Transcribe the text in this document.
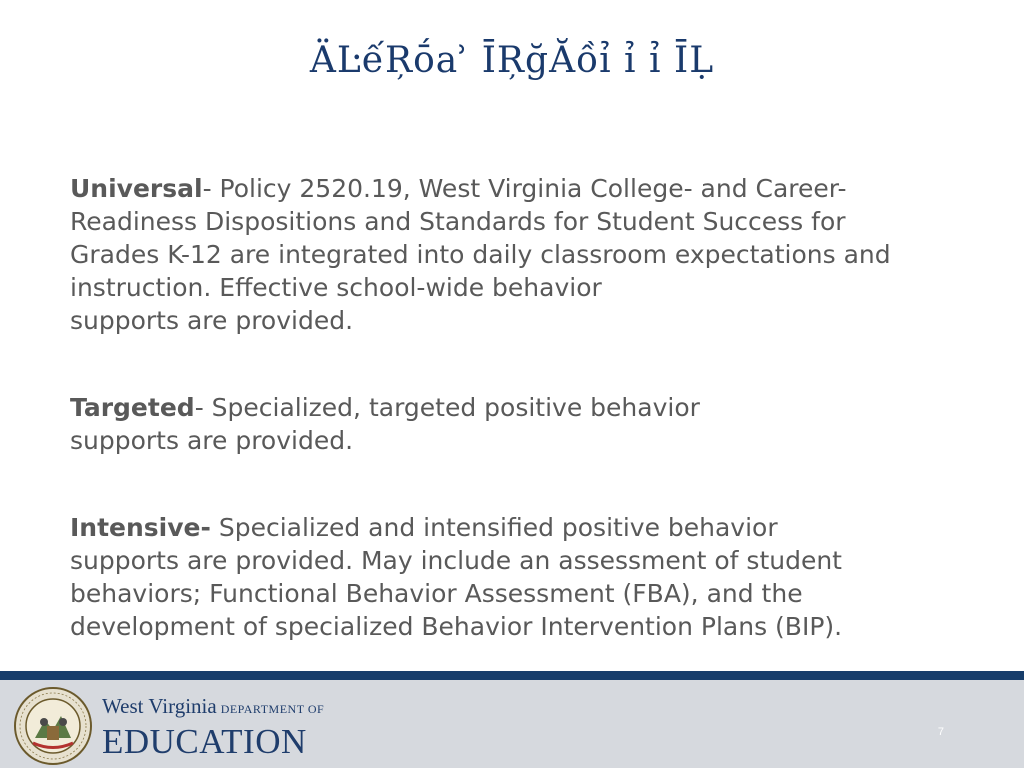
ÄĿếŖṓẚ ĪŖğĂồỉ ỉ ỉ ĪḶ

Universal- Policy 2520.19, West Virginia College- and Career-
Readiness Dispositions and Standards for Student Success for
Grades K-12 are integrated into daily classroom expectations and
instruction. Effective school-wide behavior
supports are provided.

Targeted- Specialized, targeted positive behavior
supports are provided.

Intensive- Specialized and intensified positive behavior
supports are provided. May include an assessment of student
behaviors; Functional Behavior Assessment (FBA), and the
development of specialized Behavior Intervention Plans (BIP).

West Virginia DEPARTMENT OF
EDUCATION	7
